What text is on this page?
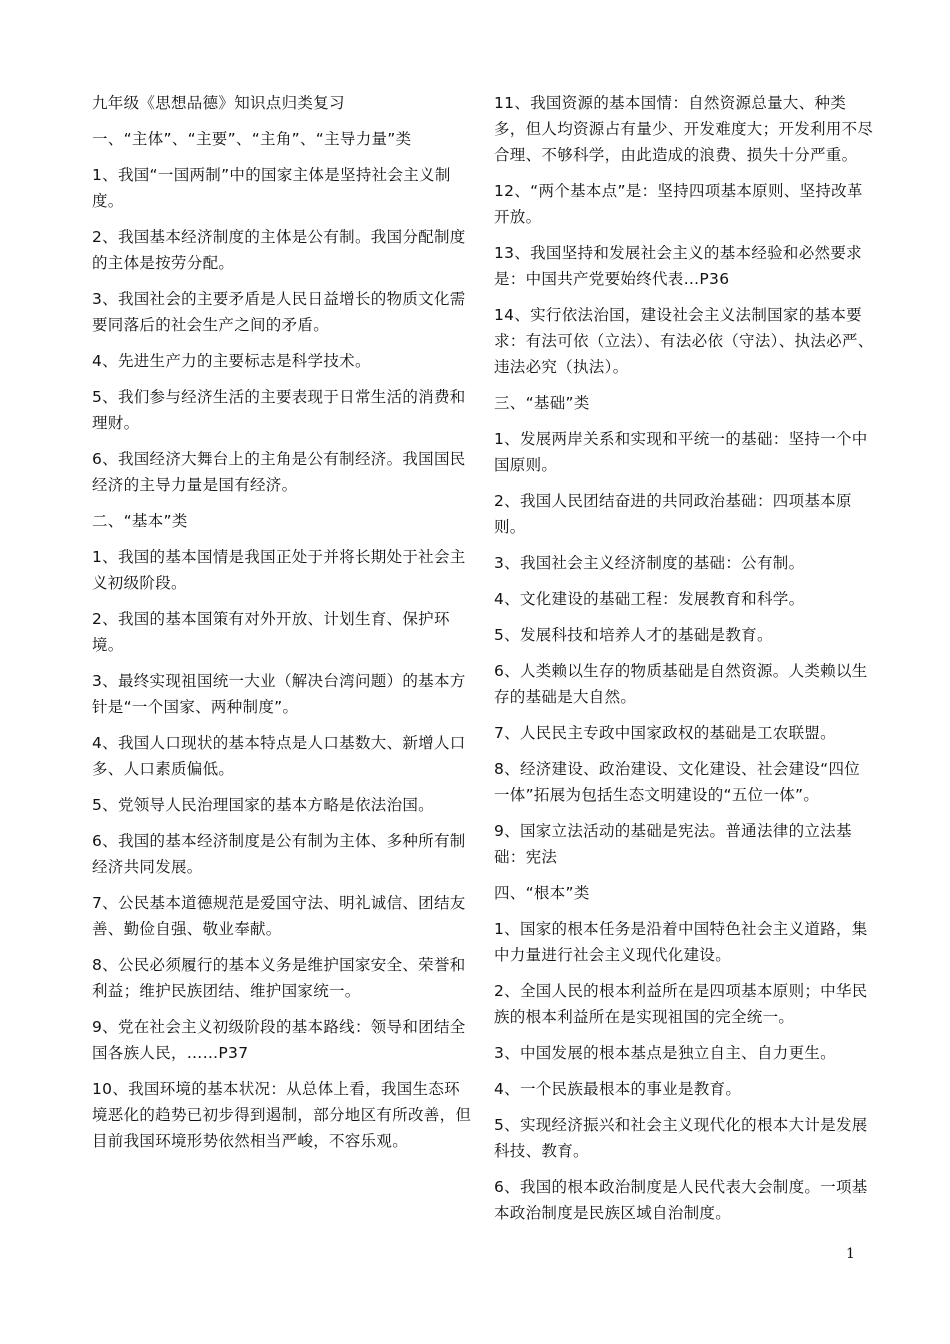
九年级《思想品德》知识点归类复习
一、“主体”、“主要”、“主角”、“主导力量”类
1、我国“一国两制”中的国家主体是坚持社会主义制度。
2、我国基本经济制度的主体是公有制。我国分配制度的主体是按劳分配。
3、我国社会的主要矛盾是人民日益增长的物质文化需要同落后的社会生产之间的矛盾。
4、先进生产力的主要标志是科学技术。
5、我们参与经济生活的主要表现于日常生活的消费和理财。
6、我国经济大舞台上的主角是公有制经济。我国国民经济的主导力量是国有经济。
二、“基本”类
1、我国的基本国情是我国正处于并将长期处于社会主义初级阶段。
2、我国的基本国策有对外开放、计划生育、保护环境。
3、最终实现祖国统一大业（解决台湾问题）的基本方针是“一个国家、两种制度”。
4、我国人口现状的基本特点是人口基数大、新增人口多、人口素质偏低。
5、党领导人民治理国家的基本方略是依法治国。
6、我国的基本经济制度是公有制为主体、多种所有制经济共同发展。
7、公民基本道德规范是爱国守法、明礼诚信、团结友善、勤俭自强、敬业奉献。
8、公民必须履行的基本义务是维护国家安全、荣誉和利益；维护民族团结、维护国家统一。
9、党在社会主义初级阶段的基本路线：领导和团结全国各族人民，……P37
10、我国环境的基本状况：从总体上看，我国生态环境恶化的趋势已初步得到遏制，部分地区有所改善，但目前我国环境形势依然相当严峻，不容乐观。
11、我国资源的基本国情：自然资源总量大、种类多，但人均资源占有量少、开发难度大；开发利用不尽合理、不够科学，由此造成的浪费、损失十分严重。
12、“两个基本点”是：坚持四项基本原则、坚持改革开放。
13、我国坚持和发展社会主义的基本经验和必然要求是：中国共产党要始终代表…P36
14、实行依法治国，建设社会主义法制国家的基本要求：有法可依（立法）、有法必依（守法）、执法必严、违法必究（执法）。
三、“基础”类
1、发展两岸关系和实现和平统一的基础：坚持一个中国原则。
2、我国人民团结奋进的共同政治基础：四项基本原则。
3、我国社会主义经济制度的基础：公有制。
4、文化建设的基础工程：发展教育和科学。
5、发展科技和培养人才的基础是教育。
6、人类赖以生存的物质基础是自然资源。人类赖以生存的基础是大自然。
7、人民民主专政中国家政权的基础是工农联盟。
8、经济建设、政治建设、文化建设、社会建设“四位一体”拓展为包括生态文明建设的“五位一体”。
9、国家立法活动的基础是宪法。普通法律的立法基础：宪法
四、“根本”类
1、国家的根本任务是沿着中国特色社会主义道路，集中力量进行社会主义现代化建设。
2、全国人民的根本利益所在是四项基本原则；中华民族的根本利益所在是实现祖国的完全统一。
3、中国发展的根本基点是独立自主、自力更生。
4、一个民族最根本的事业是教育。
5、实现经济振兴和社会主义现代化的根本大计是发展科技、教育。
6、我国的根本政治制度是人民代表大会制度。一项基本政治制度是民族区域自治制度。
1
